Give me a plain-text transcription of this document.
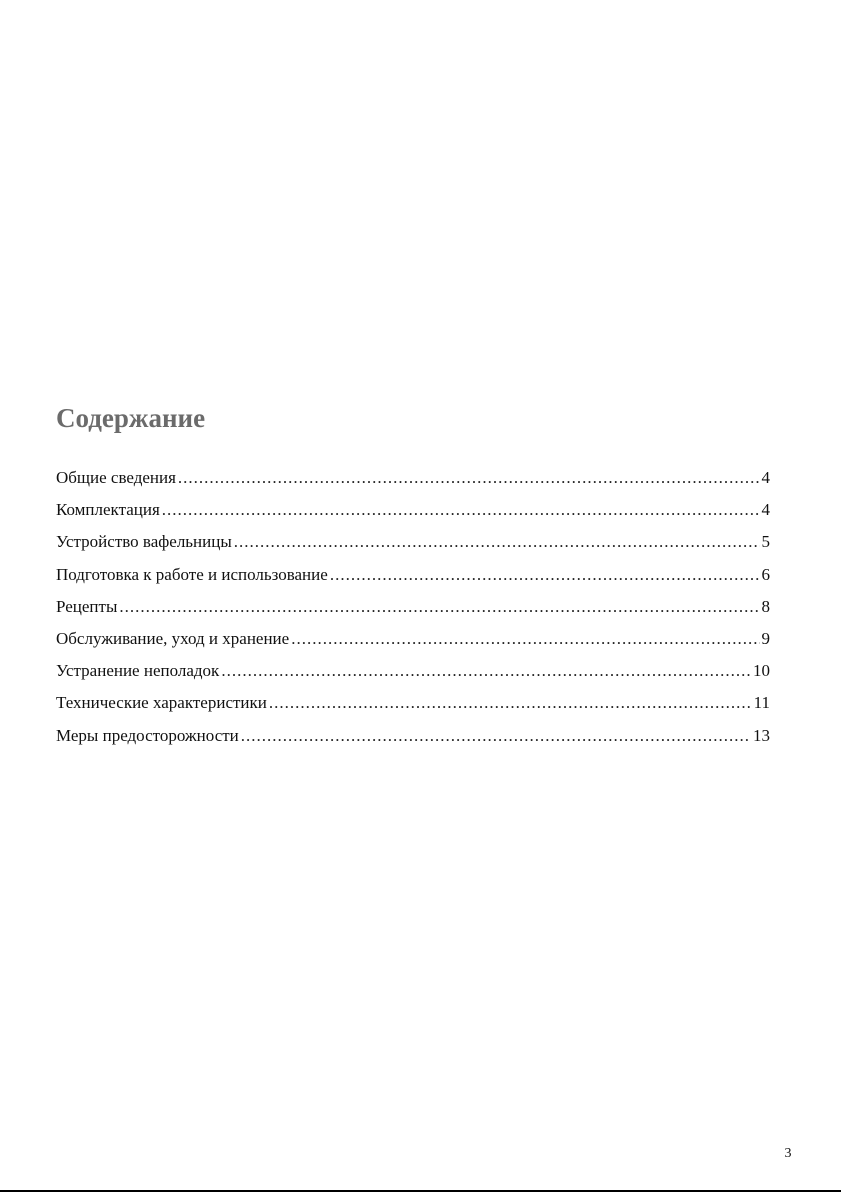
Содержание
Общие сведения .....	4
Комплектация .....	4
Устройство вафельницы .....	5
Подготовка к работе и использование .....	6
Рецепты .....	8
Обслуживание, уход и хранение .....	9
Устранение неполадок .....	10
Технические характеристики .....	11
Меры предосторожности .....	13
3
